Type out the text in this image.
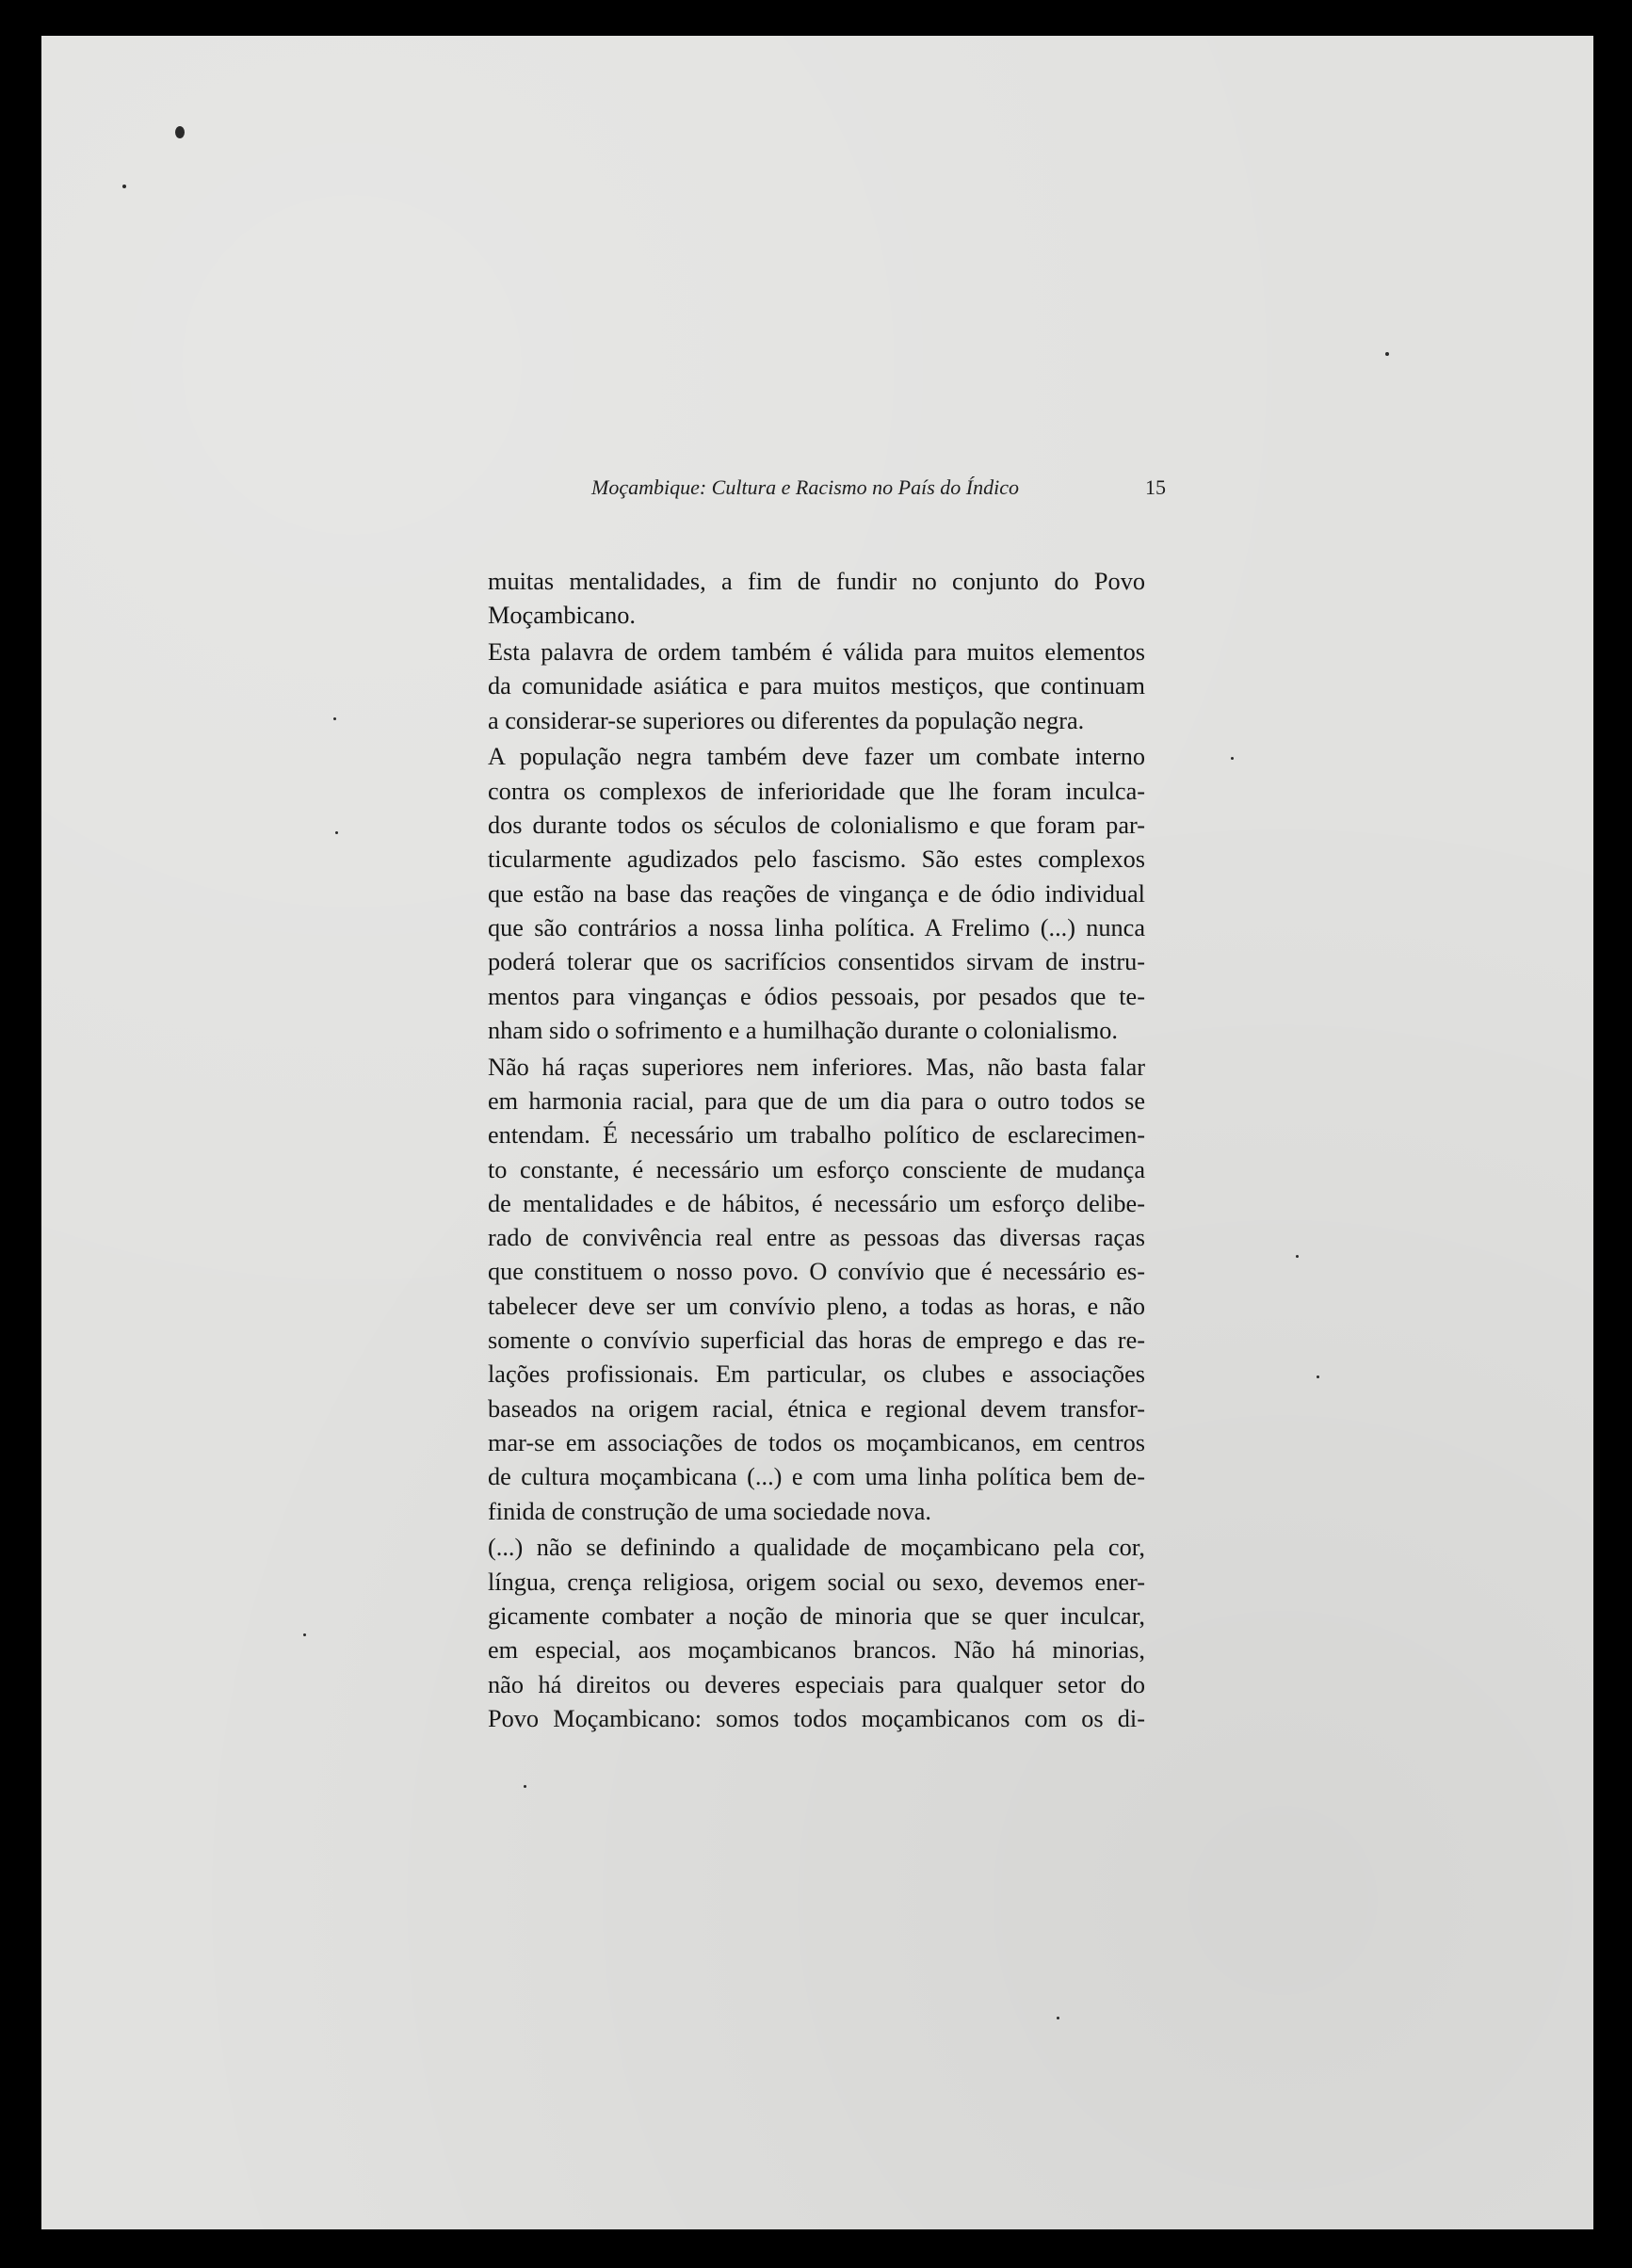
Moçambique: Cultura e Racismo no País do Índico	15

muitas mentalidades, a fim de fundir no conjunto do Povo

Moçambicano.

Esta palavra de ordem também é válida para muitos elementos

da comunidade asiática e para muitos mestiços, que continuam

a considerar-se superiores ou diferentes da população negra.

A população negra também deve fazer um combate interno

contra os complexos de inferioridade que lhe foram inculca-

dos durante todos os séculos de colonialismo e que foram par-

ticularmente agudizados pelo fascismo. São estes complexos

que estão na base das reações de vingança e de ódio individual

que são contrários a nossa linha política. A Frelimo (...) nunca

poderá tolerar que os sacrifícios consentidos sirvam de instru-

mentos para vinganças e ódios pessoais, por pesados que te-

nham sido o sofrimento e a humilhação durante o colonialismo.

Não há raças superiores nem inferiores. Mas, não basta falar

em harmonia racial, para que de um dia para o outro todos se

entendam. É necessário um trabalho político de esclarecimen-

to constante, é necessário um esforço consciente de mudança

de mentalidades e de hábitos, é necessário um esforço delibe-

rado de convivência real entre as pessoas das diversas raças

que constituem o nosso povo. O convívio que é necessário es-

tabelecer deve ser um convívio pleno, a todas as horas, e não

somente o convívio superficial das horas de emprego e das re-

lações profissionais. Em particular, os clubes e associações

baseados na origem racial, étnica e regional devem transfor-

mar-se em associações de todos os moçambicanos, em centros

de cultura moçambicana (...) e com uma linha política bem de-

finida de construção de uma sociedade nova.

(...) não se definindo a qualidade de moçambicano pela cor,

língua, crença religiosa, origem social ou sexo, devemos ener-

gicamente combater a noção de minoria que se quer inculcar,

em especial, aos moçambicanos brancos. Não há minorias,

não há direitos ou deveres especiais para qualquer setor do

Povo Moçambicano: somos todos moçambicanos com os di-
